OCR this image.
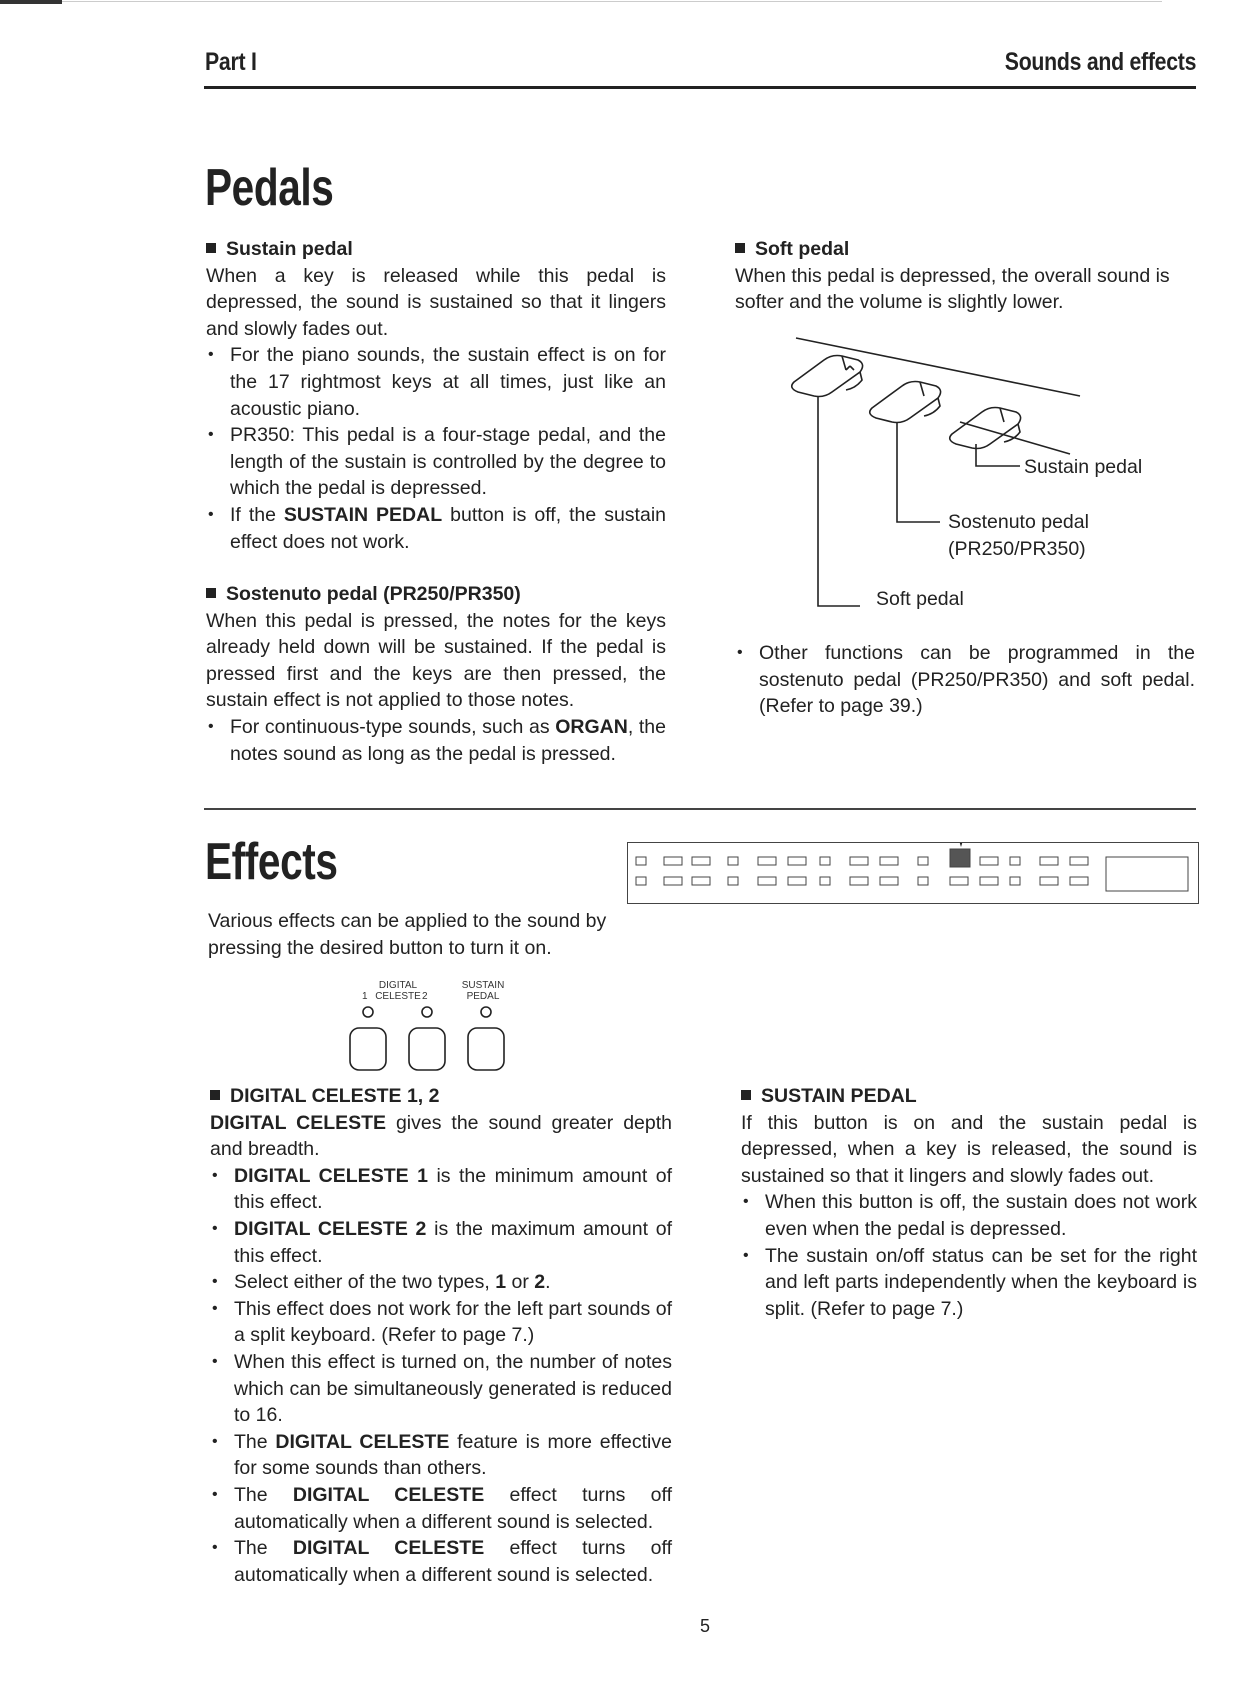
Part I	Sounds and effects
Pedals
Sustain pedal

When a key is released while this pedal is depressed, the sound is sustained so that it lingers and slowly fades out.

• For the piano sounds, the sustain effect is on for the 17 rightmost keys at all times, just like an acoustic piano.
• PR350: This pedal is a four-stage pedal, and the length of the sustain is controlled by the degree to which the pedal is depressed.
• If the SUSTAIN PEDAL button is off, the sustain effect does not work.
Sostenuto pedal (PR250/PR350)

When this pedal is pressed, the notes for the keys already held down will be sustained. If the pedal is pressed first and the keys are then pressed, the sustain effect is not applied to those notes.

• For continuous-type sounds, such as ORGAN, the notes sound as long as the pedal is pressed.
Soft pedal

When this pedal is depressed, the overall sound is softer and the volume is slightly lower.

Sustain pedal
Sostenuto pedal
(PR250/PR350)
Soft pedal
• Other functions can be programmed in the sostenuto pedal (PR250/PR350) and soft pedal. (Refer to page 39.)
Effects

Various effects can be applied to the sound by pressing the desired button to turn it on.

DIGITAL CELESTE
1	2
SUSTAIN
PEDAL
DIGITAL CELESTE 1, 2

DIGITAL CELESTE gives the sound greater depth and breadth.

• DIGITAL CELESTE 1 is the minimum amount of this effect.
• DIGITAL CELESTE 2 is the maximum amount of this effect.
• Select either of the two types, 1 or 2.
• This effect does not work for the left part sounds of a split keyboard. (Refer to page 7.)
• When this effect is turned on, the number of notes which can be simultaneously generated is reduced to 16.
• The DIGITAL CELESTE feature is more effective for some sounds than others.
• The DIGITAL CELESTE effect turns off automatically when a different sound is selected.
• The DIGITAL CELESTE effect turns off automatically when a different sound is selected.
SUSTAIN PEDAL

If this button is on and the sustain pedal is depressed, when a key is released, the sound is sustained so that it lingers and slowly fades out.

• When this button is off, the sustain does not work even when the pedal is depressed.
• The sustain on/off status can be set for the right and left parts independently when the keyboard is split. (Refer to page 7.)
5
